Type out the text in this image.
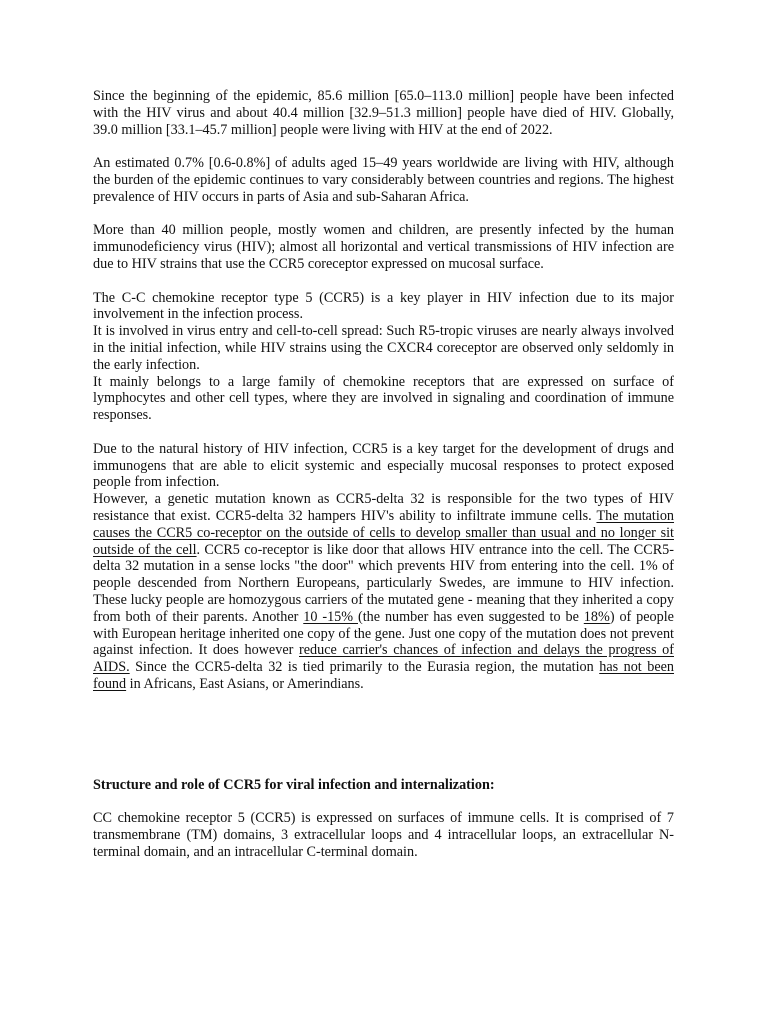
Since the beginning of the epidemic, 85.6 million [65.0–113.0 million] people have been infected with the HIV virus and about 40.4 million [32.9–51.3 million] people have died of HIV. Globally, 39.0 million [33.1–45.7 million] people were living with HIV at the end of 2022.

An estimated 0.7% [0.6-0.8%] of adults aged 15–49 years worldwide are living with HIV, although the burden of the epidemic continues to vary considerably between countries and regions. The highest prevalence of HIV occurs in parts of Asia and sub-Saharan Africa.

More than 40 million people, mostly women and children, are presently infected by the human immunodeficiency virus (HIV); almost all horizontal and vertical transmissions of HIV infection are due to HIV strains that use the CCR5 coreceptor expressed on mucosal surface.

The C-C chemokine receptor type 5 (CCR5) is a key player in HIV infection due to its major involvement in the infection process.

It is involved in virus entry and cell-to-cell spread: Such R5-tropic viruses are nearly always involved in the initial infection, while HIV strains using the CXCR4 coreceptor are observed only seldomly in the early infection.

It mainly belongs to a large family of chemokine receptors that are expressed on surface of lymphocytes and other cell types, where they are involved in signaling and coordination of immune responses.

Due to the natural history of HIV infection, CCR5 is a key target for the development of drugs and immunogens that are able to elicit systemic and especially mucosal responses to protect exposed people from infection.

However, a genetic mutation known as CCR5-delta 32 is responsible for the two types of HIV resistance that exist. CCR5-delta 32 hampers HIV's ability to infiltrate immune cells. The mutation causes the CCR5 co-receptor on the outside of cells to develop smaller than usual and no longer sit outside of the cell. CCR5 co-receptor is like door that allows HIV entrance into the cell. The CCR5-delta 32 mutation in a sense locks "the door" which prevents HIV from entering into the cell. 1% of people descended from Northern Europeans, particularly Swedes, are immune to HIV infection. These lucky people are homozygous carriers of the mutated gene - meaning that they inherited a copy from both of their parents. Another 10 -15% (the number has even suggested to be 18%) of people with European heritage inherited one copy of the gene. Just one copy of the mutation does not prevent against infection. It does however reduce carrier's chances of infection and delays the progress of AIDS. Since the CCR5-delta 32 is tied primarily to the Eurasia region, the mutation has not been found in Africans, East Asians, or Amerindians.

Structure and role of CCR5 for viral infection and internalization:

CC chemokine receptor 5 (CCR5) is expressed on surfaces of immune cells. It is comprised of 7 transmembrane (TM) domains, 3 extracellular loops and 4 intracellular loops, an extracellular N-terminal domain, and an intracellular C-terminal domain.
